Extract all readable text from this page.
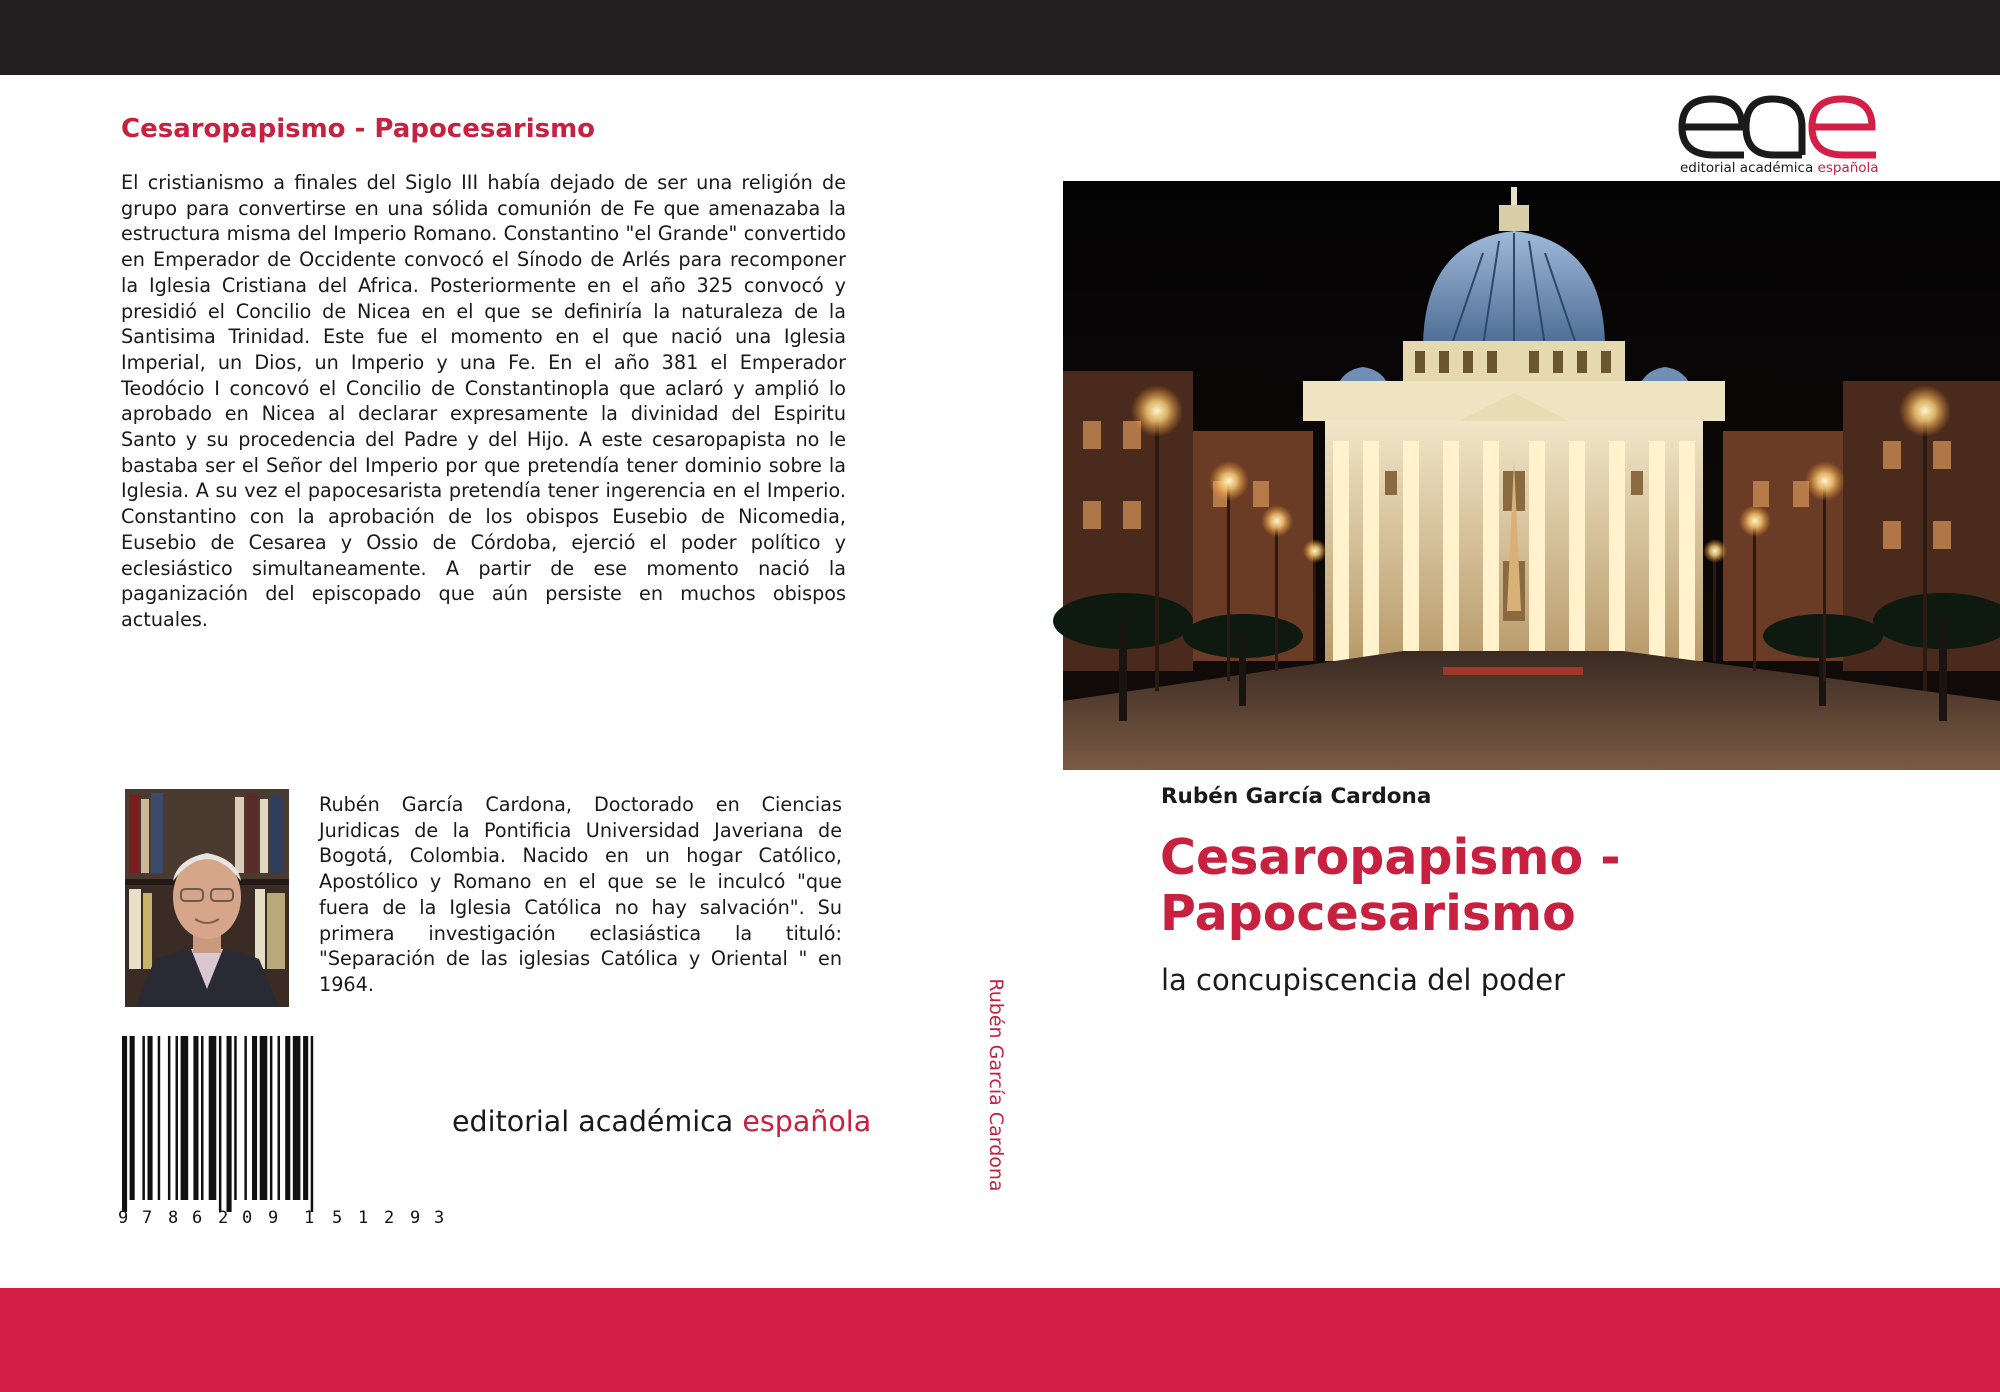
Cesaropapismo - Papocesarismo

El cristianismo a finales del Siglo III había dejado de ser una religión de grupo para convertirse en una sólida comunión de Fe que amenazaba la estructura misma del Imperio Romano. Constantino "el Grande" convertido en Emperador de Occidente convocó el Sínodo de Arlés para recomponer la Iglesia Cristiana del Africa. Posteriormente en el año 325 convocó y presidió el Concilio de Nicea en el que se definiría la naturaleza de la Santisima Trinidad. Este fue el momento en el que nació una Iglesia Imperial, un Dios, un Imperio y una Fe. En el año 381 el Emperador Teodócio I concovó el Concilio de Constantinopla que aclaró y amplió lo aprobado en Nicea al declarar expresamente la divinidad del Espiritu Santo y su procedencia del Padre y del Hijo. A este cesaropapista no le bastaba ser el Señor del Imperio por que pretendía tener dominio sobre la Iglesia. A su vez el papocesarista pretendía tener ingerencia en el Imperio. Constantino con la aprobación de los obispos Eusebio de Nicomedia, Eusebio de Cesarea y Ossio de Córdoba, ejerció el poder político y eclesiástico simultaneamente. A partir de ese momento nació la paganización del episcopado que aún persiste en muchos obispos actuales.

Rubén García Cardona, Doctorado en Ciencias Juridicas de la Pontificia Universidad Javeriana de Bogotá, Colombia. Nacido en un hogar Católico, Apostólico y Romano en el que se le inculcó "que fuera de la Iglesia Católica no hay salvación". Su primera investigación eclasiástica la tituló: "Separación de las iglesias Católica y Oriental " en 1964.

9 7 8 6 2 0 9 1 5 1 2 9 3
editorial académica española	Rubén García Cardona
editorial académica española

Rubén García Cardona

Cesaropapismo - Papocesarismo

la concupiscencia del poder
